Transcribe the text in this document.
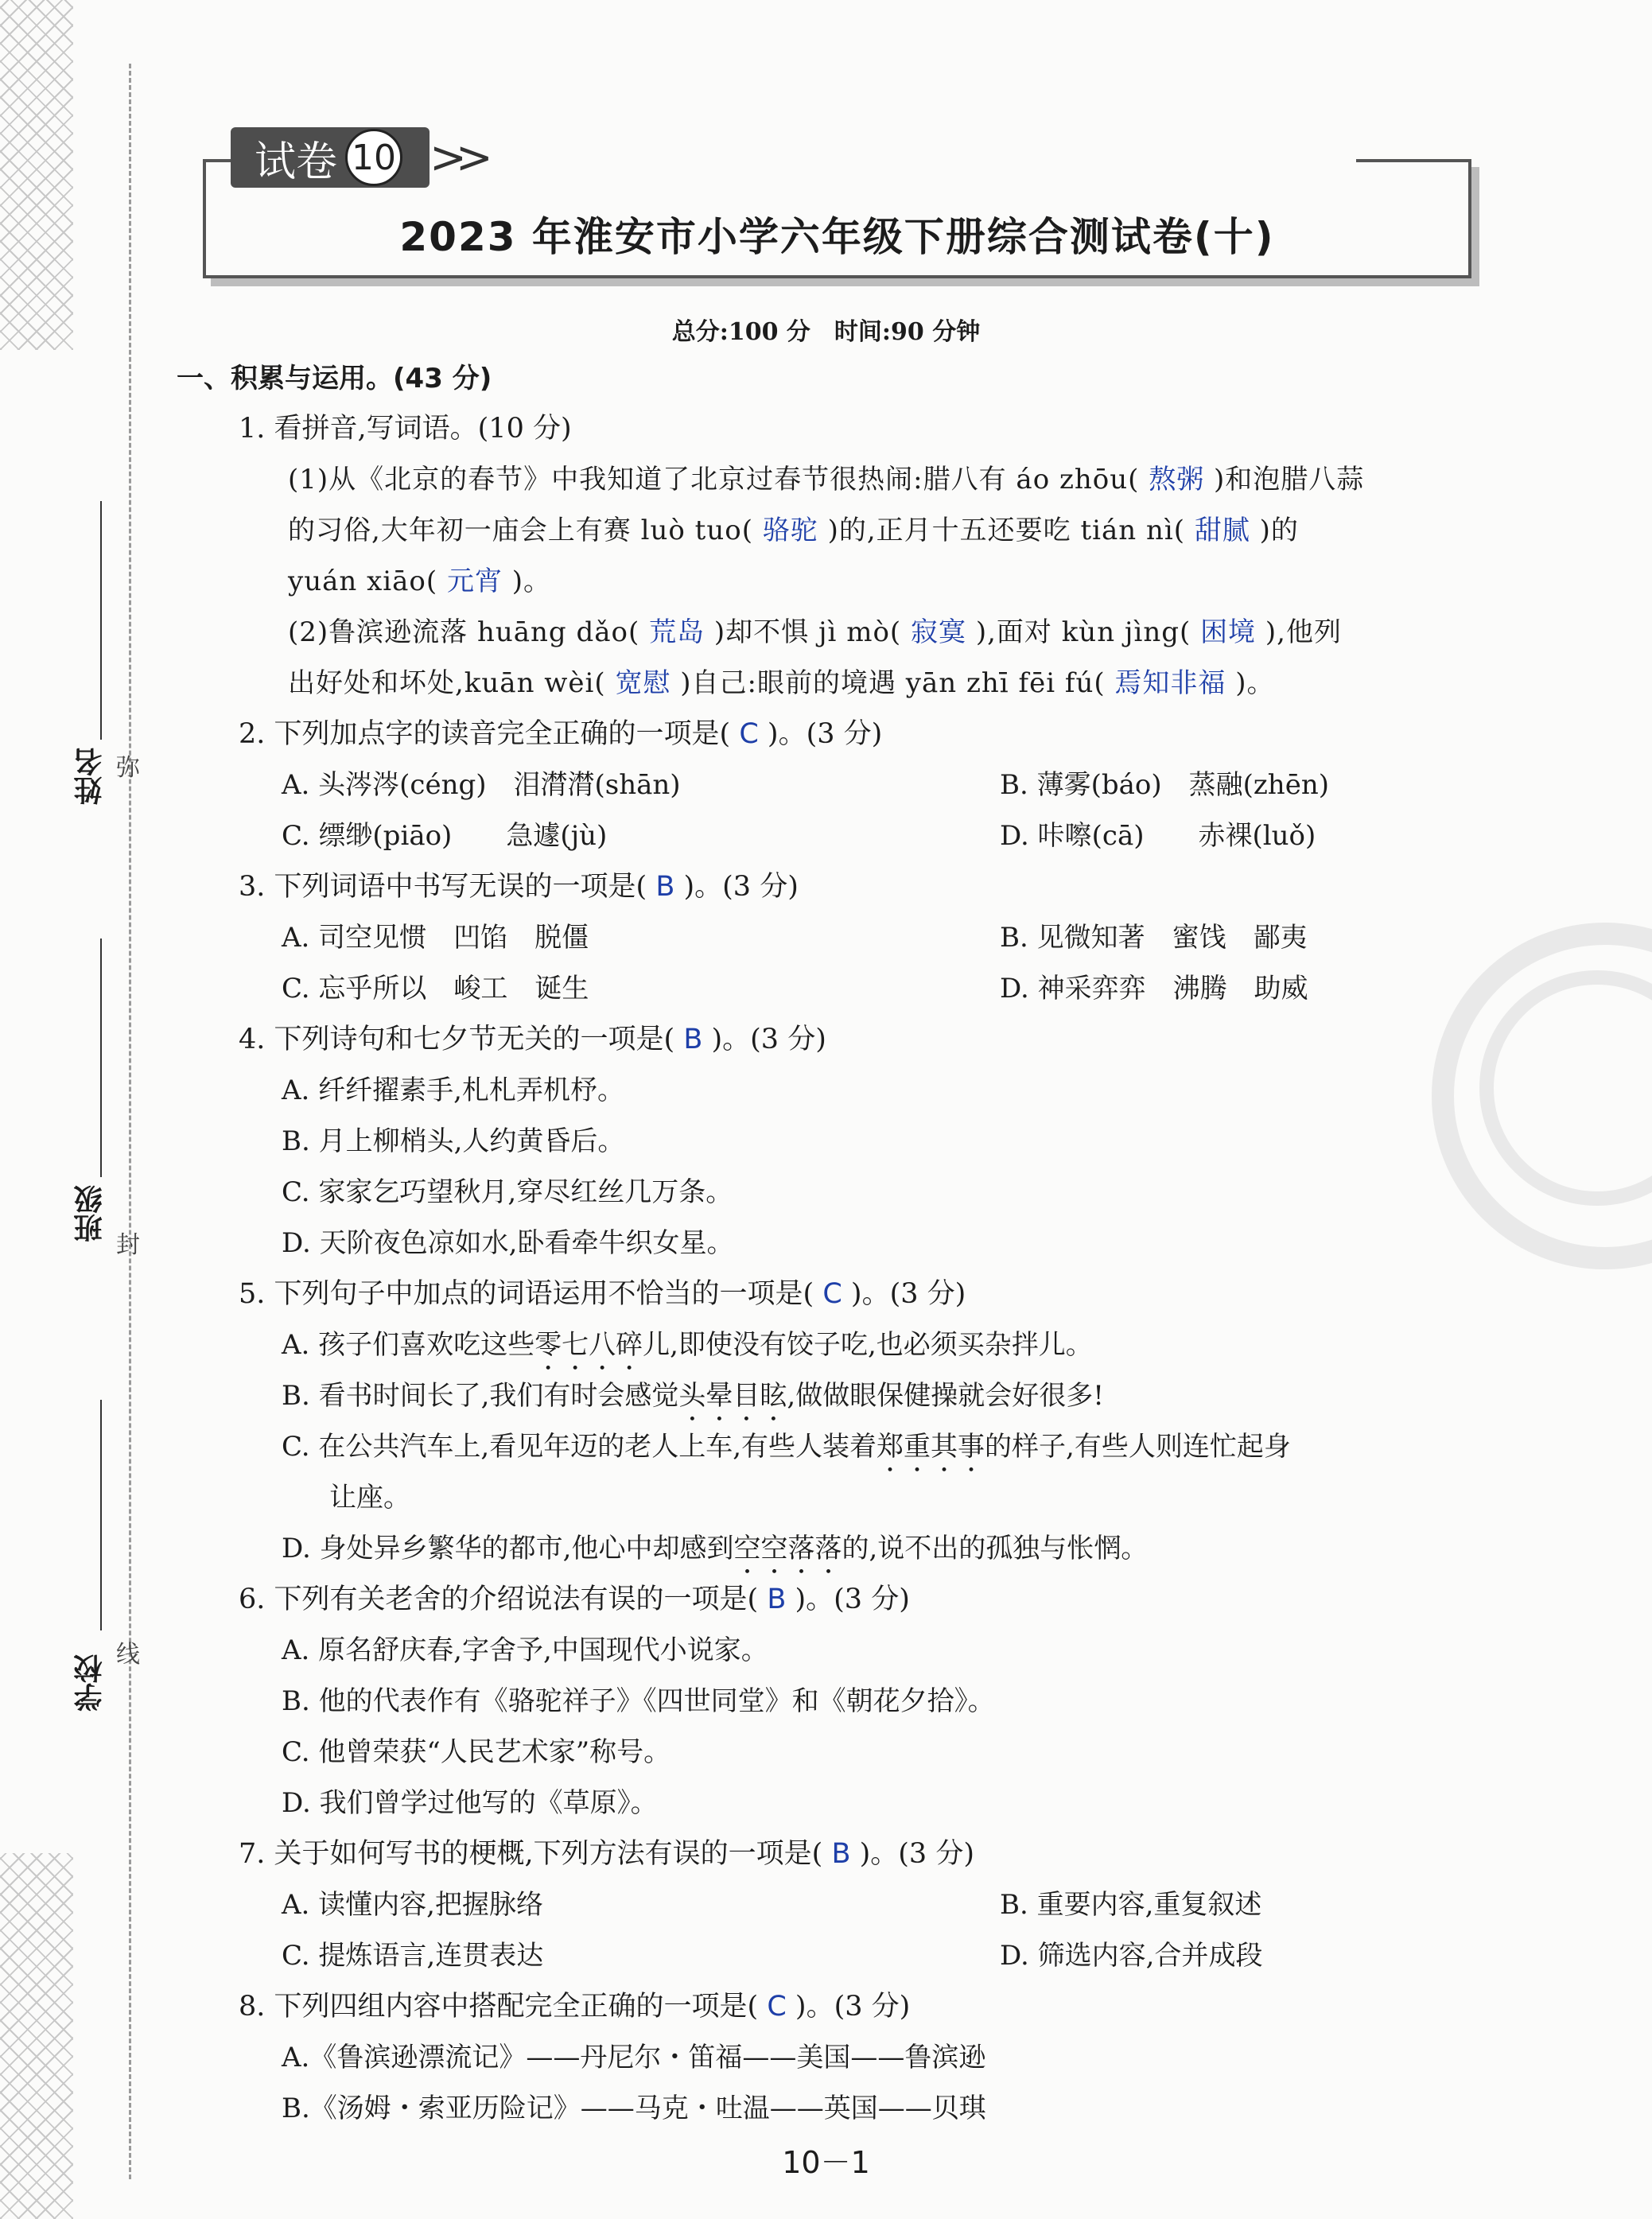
姓名 弥
班级
封
学校 线
试卷 10 >>
2023 年淮安市小学六年级下册综合测试卷(十)
总分:100 分　时间:90 分钟
一、积累与运用。(43 分)
1. 看拼音,写词语。(10 分)
(1)从《北京的春节》中我知道了北京过春节很热闹:腊八有 áo zhōu( 熬粥 )和泡腊八蒜
的习俗,大年初一庙会上有赛 luò tuo( 骆驼 )的,正月十五还要吃 tián nì( 甜腻 )的
yuán xiāo( 元宵 )。
(2)鲁滨逊流落 huāng dǎo( 荒岛 )却不惧 jì mò( 寂寞 ),面对 kùn jìng( 困境 ),他列
出好处和坏处,kuān wèi( 宽慰 )自己:眼前的境遇 yān zhī fēi fú( 焉知非福 )。
2. 下列加点字的读音完全正确的一项是( C )。(3 分)
A. 头涔涔(céng)　泪潸潸(shān)	B. 薄雾(báo)　蒸融(zhēn)
C. 缥缈(piāo)　　急遽(jù)	D. 咔嚓(cā)　　赤裸(luǒ)
3. 下列词语中书写无误的一项是( B )。(3 分)
A. 司空见惯　凹馅　脱僵	B. 见微知著　蜜饯　鄙夷
C. 忘乎所以　峻工　诞生	D. 神采弈弈　沸腾　助威
4. 下列诗句和七夕节无关的一项是( B )。(3 分)
A. 纤纤擢素手,札札弄机杼。
B. 月上柳梢头,人约黄昏后。
C. 家家乞巧望秋月,穿尽红丝几万条。
D. 天阶夜色凉如水,卧看牵牛织女星。
5. 下列句子中加点的词语运用不恰当的一项是( C )。(3 分)
A. 孩子们喜欢吃这些零七八碎儿,即使没有饺子吃,也必须买杂拌儿。
B. 看书时间长了,我们有时会感觉头晕目眩,做做眼保健操就会好很多!
C. 在公共汽车上,看见年迈的老人上车,有些人装着郑重其事的样子,有些人则连忙起身
让座。
D. 身处异乡繁华的都市,他心中却感到空空落落的,说不出的孤独与怅惘。
6. 下列有关老舍的介绍说法有误的一项是( B )。(3 分)
A. 原名舒庆春,字舍予,中国现代小说家。
B. 他的代表作有《骆驼祥子》《四世同堂》和《朝花夕拾》。
C. 他曾荣获“人民艺术家”称号。
D. 我们曾学过他写的《草原》。
7. 关于如何写书的梗概,下列方法有误的一项是( B )。(3 分)
A. 读懂内容,把握脉络	B. 重要内容,重复叙述
C. 提炼语言,连贯表达	D. 筛选内容,合并成段
8. 下列四组内容中搭配完全正确的一项是( C )。(3 分)
A.《鲁滨逊漂流记》——丹尼尔・笛福——美国——鲁滨逊
B.《汤姆・索亚历险记》——马克・吐温——英国——贝琪
10－1
